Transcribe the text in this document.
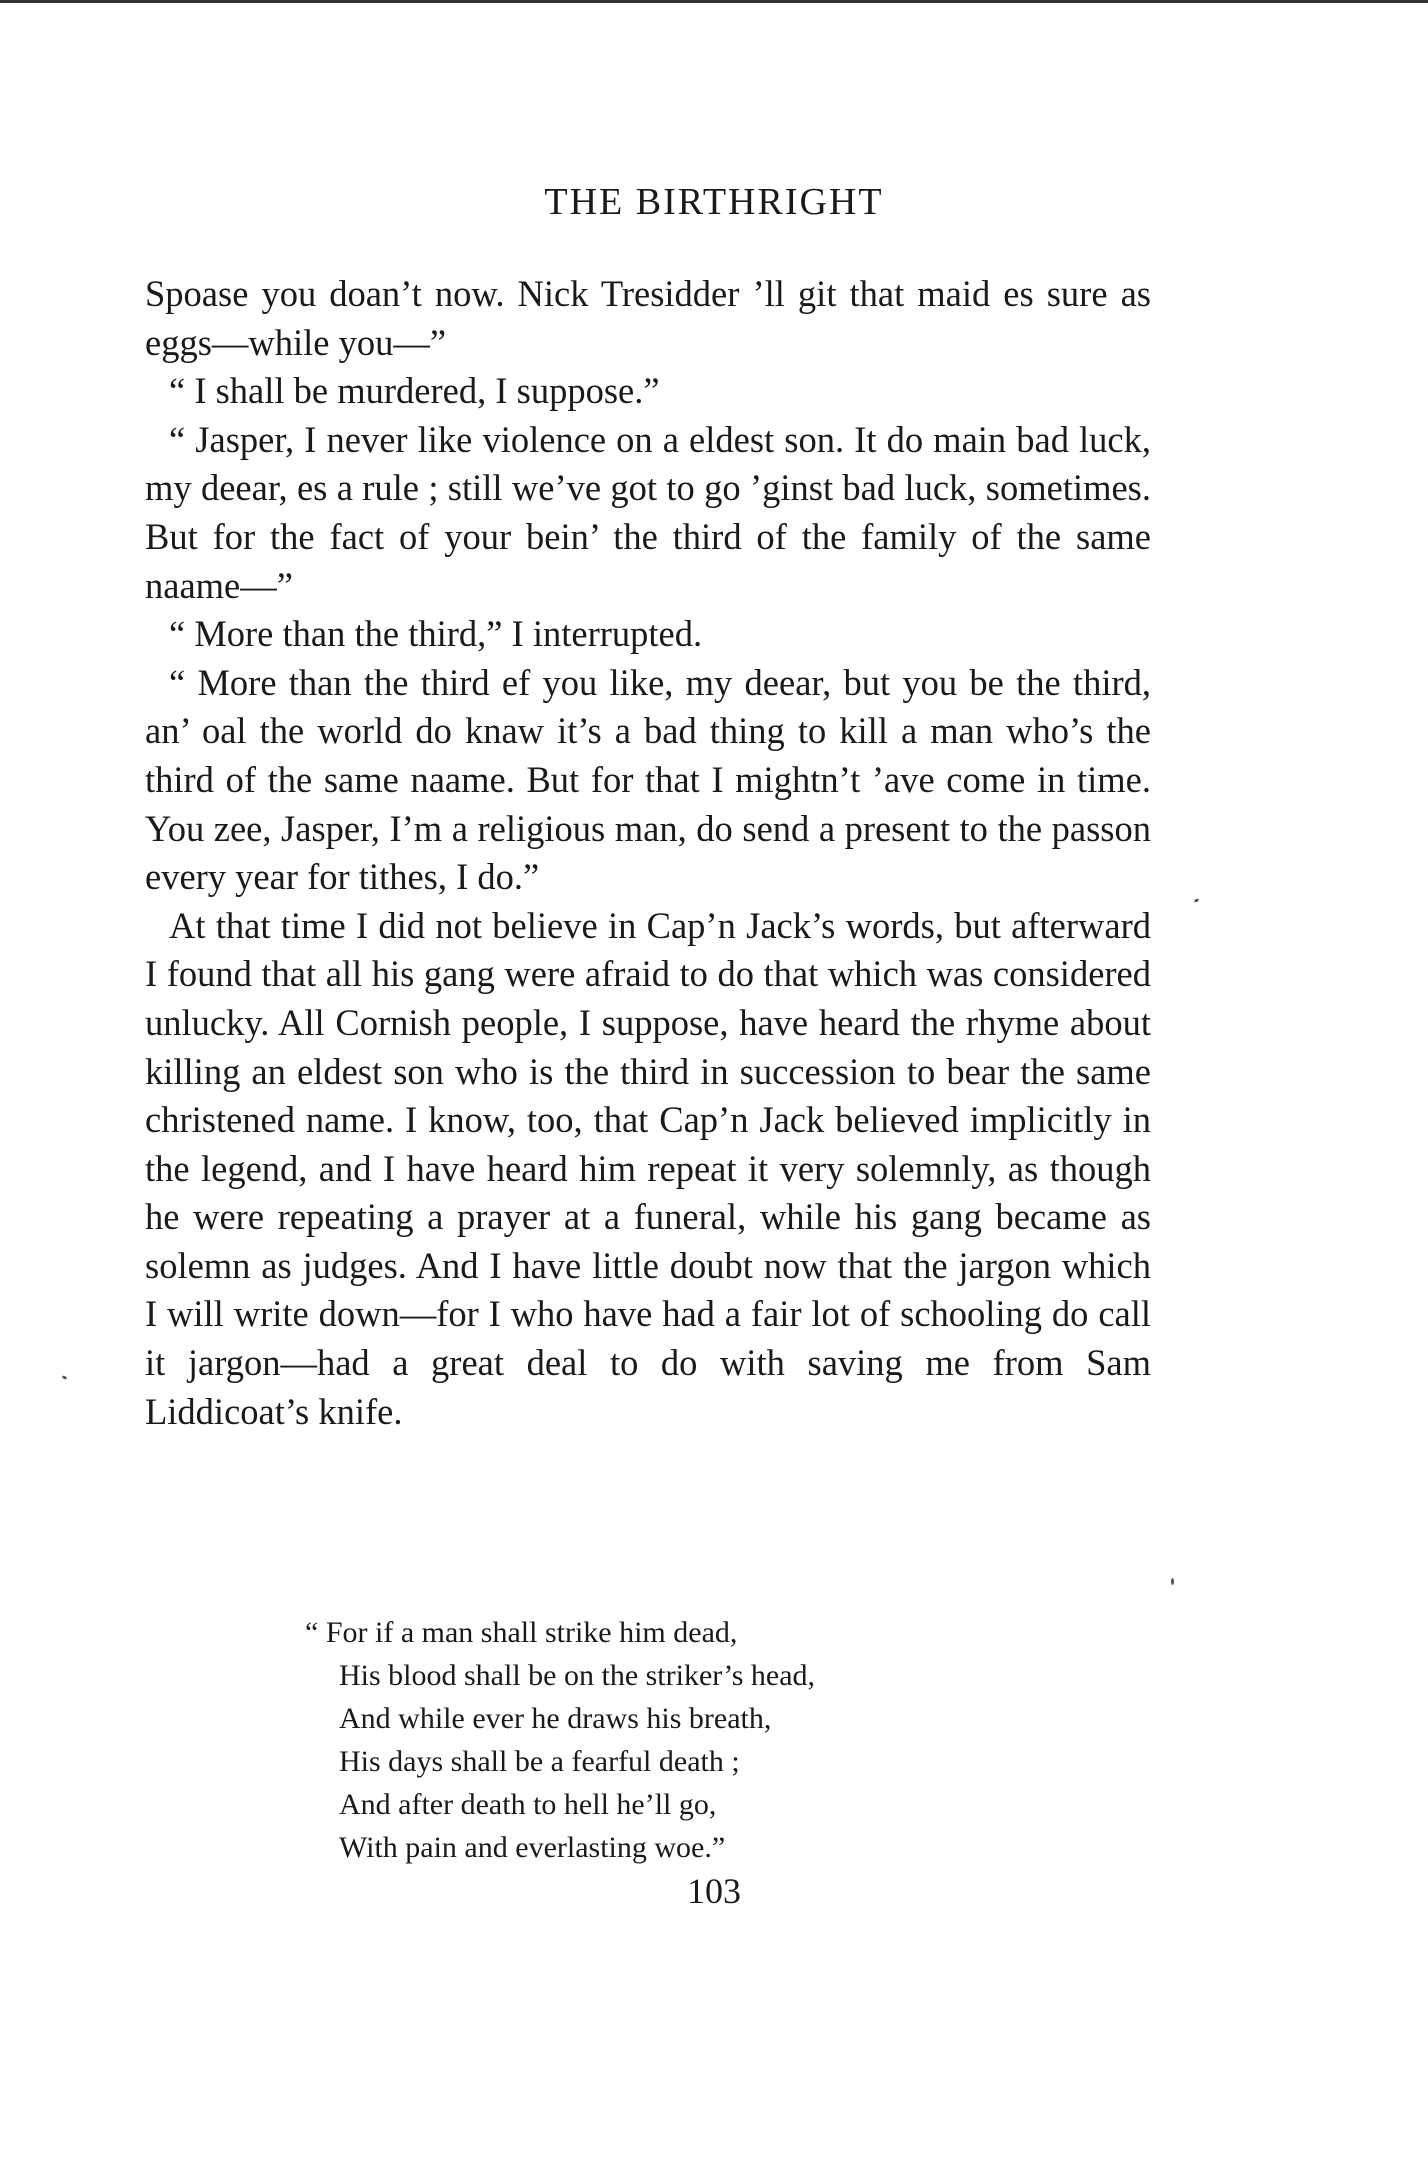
THE BIRTHRIGHT

Spoase you doan’t now. Nick Tresidder ’ll git that maid es sure as eggs—while you—”

“ I shall be murdered, I suppose.”

“ Jasper, I never like violence on a eldest son. It do main bad luck, my deear, es a rule ; still we’ve got to go ’ginst bad luck, sometimes. But for the fact of your bein’ the third of the family of the same naame—”

“ More than the third,” I interrupted.

“ More than the third ef you like, my deear, but you be the third, an’ oal the world do knaw it’s a bad thing to kill a man who’s the third of the same naame. But for that I mightn’t ’ave come in time. You zee, Jasper, I’m a religious man, do send a present to the passon every year for tithes, I do.”

At that time I did not believe in Cap’n Jack’s words, but afterward I found that all his gang were afraid to do that which was considered unlucky. All Cornish people, I suppose, have heard the rhyme about killing an eldest son who is the third in succession to bear the same christened name. I know, too, that Cap’n Jack believed implicitly in the legend, and I have heard him repeat it very solemnly, as though he were repeating a prayer at a funeral, while his gang became as solemn as judges. And I have little doubt now that the jargon which I will write down—for I who have had a fair lot of schooling do call it jargon—had a great deal to do with saving me from Sam Liddicoat’s knife.

“ For if a man shall strike him dead,
His blood shall be on the striker’s head,
And while ever he draws his breath,
His days shall be a fearful death ;
And after death to hell he’ll go,
With pain and everlasting woe.”
103
